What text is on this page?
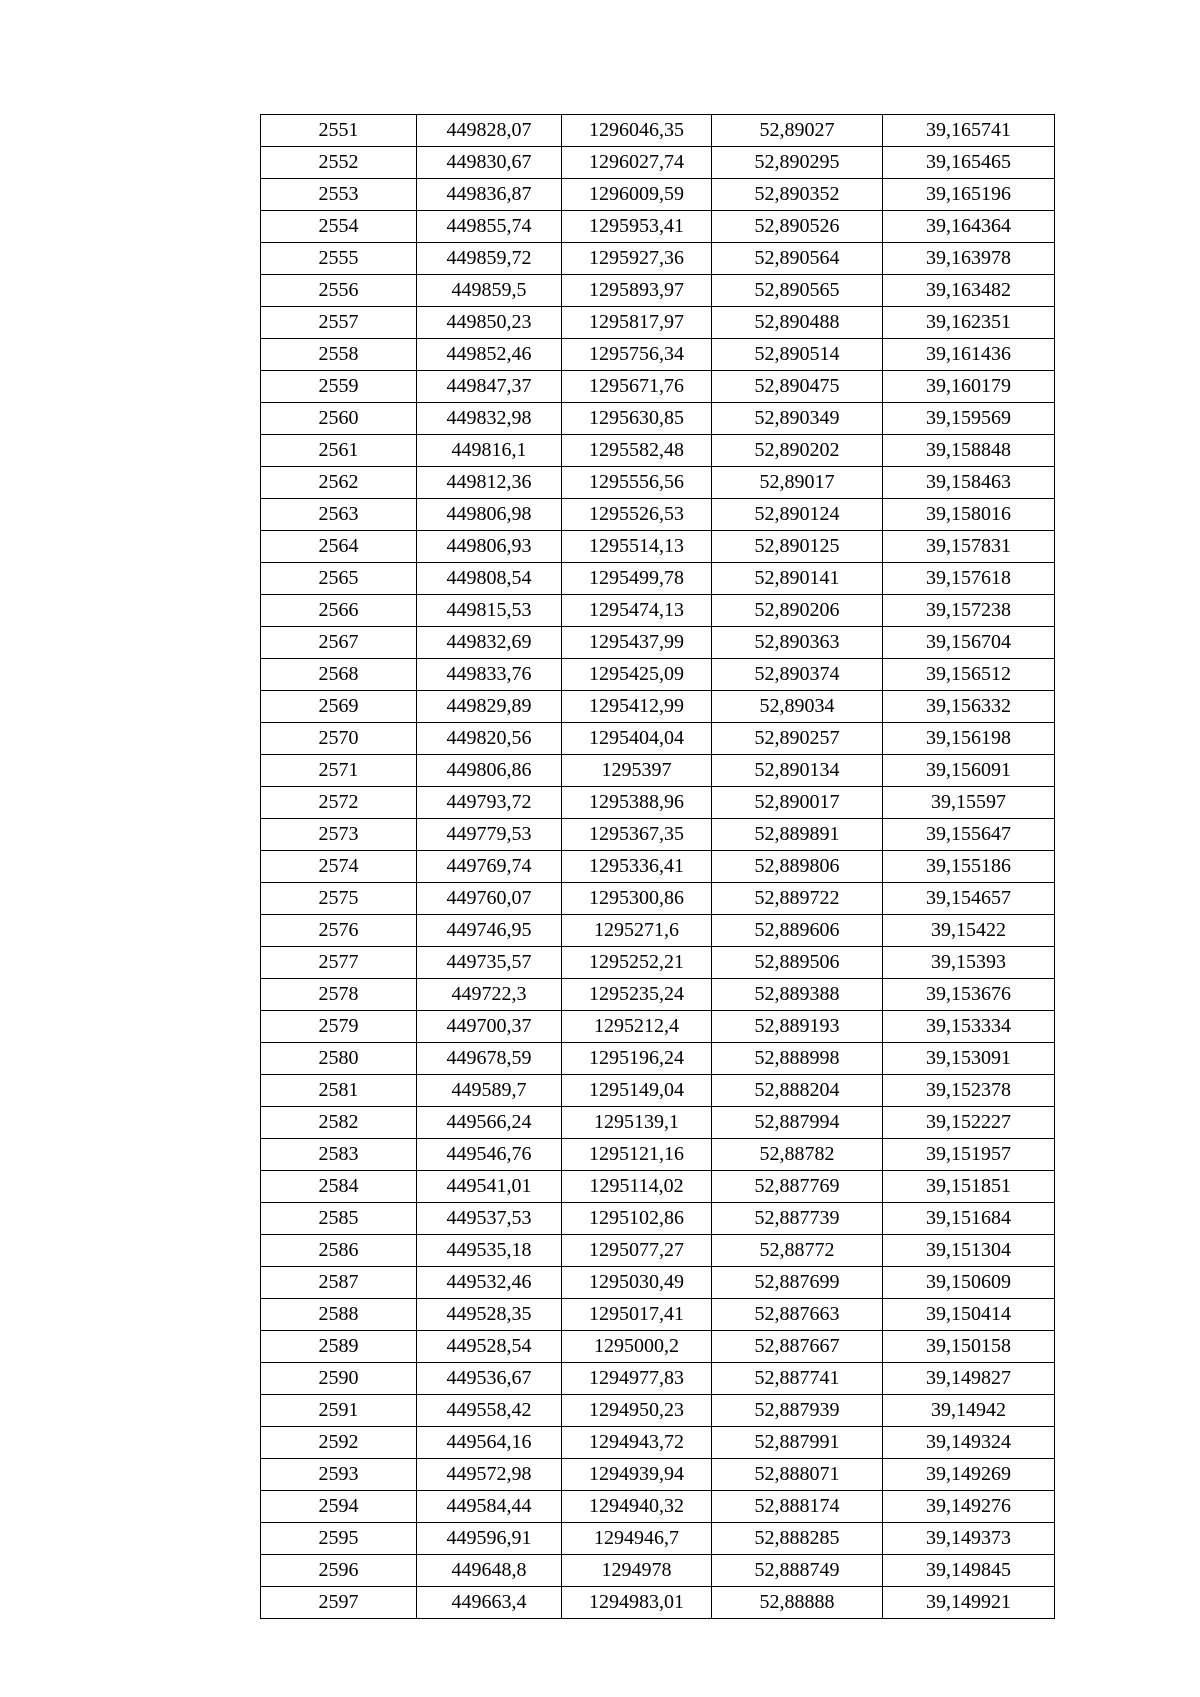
2551	449828,07	1296046,35	52,89027	39,165741
2552	449830,67	1296027,74	52,890295	39,165465
2553	449836,87	1296009,59	52,890352	39,165196
2554	449855,74	1295953,41	52,890526	39,164364
2555	449859,72	1295927,36	52,890564	39,163978
2556	449859,5	1295893,97	52,890565	39,163482
2557	449850,23	1295817,97	52,890488	39,162351
2558	449852,46	1295756,34	52,890514	39,161436
2559	449847,37	1295671,76	52,890475	39,160179
2560	449832,98	1295630,85	52,890349	39,159569
2561	449816,1	1295582,48	52,890202	39,158848
2562	449812,36	1295556,56	52,89017	39,158463
2563	449806,98	1295526,53	52,890124	39,158016
2564	449806,93	1295514,13	52,890125	39,157831
2565	449808,54	1295499,78	52,890141	39,157618
2566	449815,53	1295474,13	52,890206	39,157238
2567	449832,69	1295437,99	52,890363	39,156704
2568	449833,76	1295425,09	52,890374	39,156512
2569	449829,89	1295412,99	52,89034	39,156332
2570	449820,56	1295404,04	52,890257	39,156198
2571	449806,86	1295397	52,890134	39,156091
2572	449793,72	1295388,96	52,890017	39,15597
2573	449779,53	1295367,35	52,889891	39,155647
2574	449769,74	1295336,41	52,889806	39,155186
2575	449760,07	1295300,86	52,889722	39,154657
2576	449746,95	1295271,6	52,889606	39,15422
2577	449735,57	1295252,21	52,889506	39,15393
2578	449722,3	1295235,24	52,889388	39,153676
2579	449700,37	1295212,4	52,889193	39,153334
2580	449678,59	1295196,24	52,888998	39,153091
2581	449589,7	1295149,04	52,888204	39,152378
2582	449566,24	1295139,1	52,887994	39,152227
2583	449546,76	1295121,16	52,88782	39,151957
2584	449541,01	1295114,02	52,887769	39,151851
2585	449537,53	1295102,86	52,887739	39,151684
2586	449535,18	1295077,27	52,88772	39,151304
2587	449532,46	1295030,49	52,887699	39,150609
2588	449528,35	1295017,41	52,887663	39,150414
2589	449528,54	1295000,2	52,887667	39,150158
2590	449536,67	1294977,83	52,887741	39,149827
2591	449558,42	1294950,23	52,887939	39,14942
2592	449564,16	1294943,72	52,887991	39,149324
2593	449572,98	1294939,94	52,888071	39,149269
2594	449584,44	1294940,32	52,888174	39,149276
2595	449596,91	1294946,7	52,888285	39,149373
2596	449648,8	1294978	52,888749	39,149845
2597	449663,4	1294983,01	52,88888	39,149921
